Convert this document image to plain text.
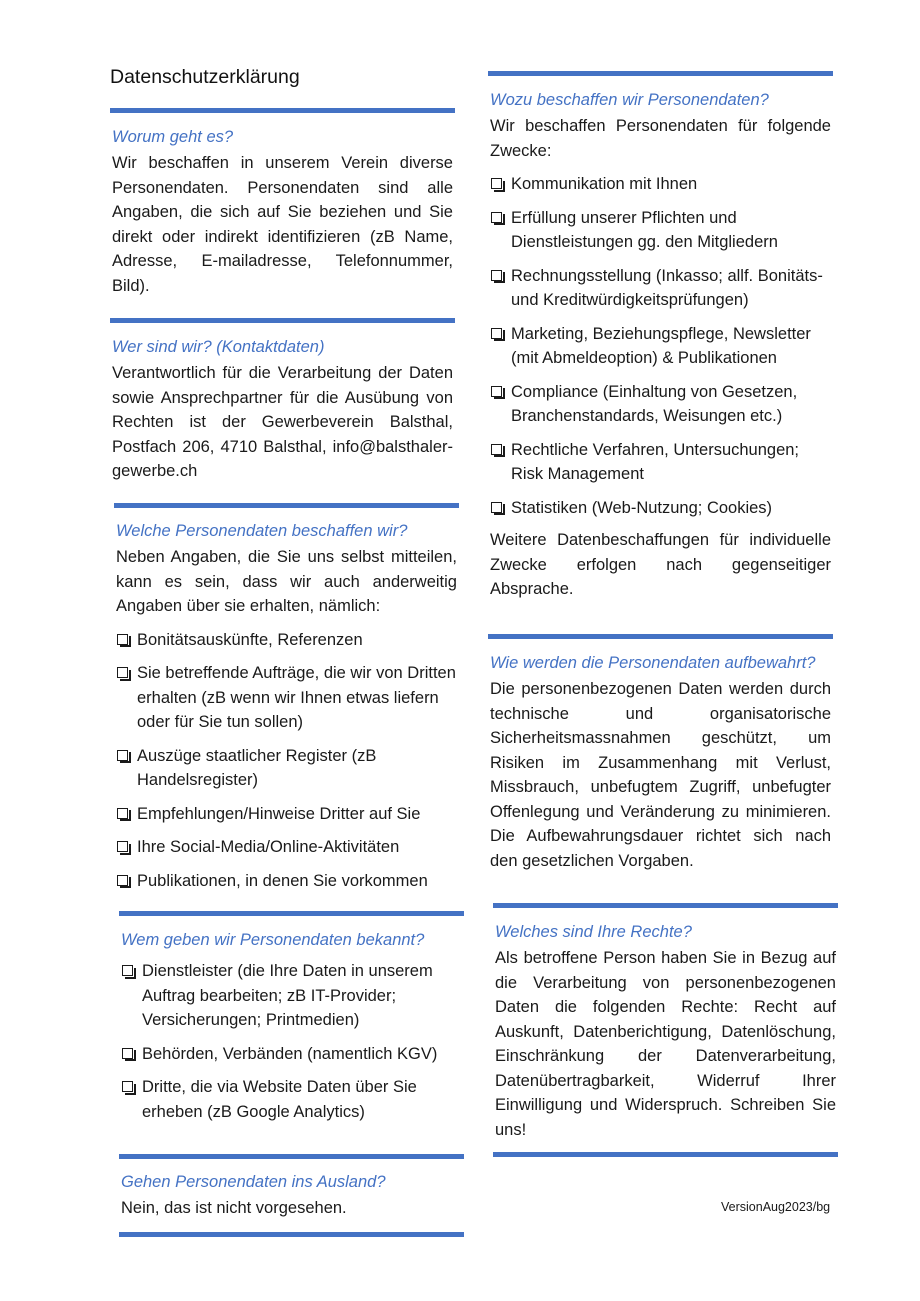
Datenschutzerklärung
Worum geht es?

Wir beschaffen in unserem Verein diverse Personendaten. Personendaten sind alle Angaben, die sich auf Sie beziehen und Sie direkt oder indirekt identifizieren (zB Name, Adresse, E-mailadresse, Telefonnummer, Bild).

Wer sind wir? (Kontaktdaten)

Verantwortlich für die Verarbeitung der Daten sowie Ansprechpartner für die Ausübung von Rechten ist der Gewerbeverein Balsthal, Postfach 206, 4710 Balsthal, info@balsthaler-gewerbe.ch

Welche Personendaten beschaffen wir?

Neben Angaben, die Sie uns selbst mitteilen, kann es sein, dass wir auch anderweitig Angaben über sie erhalten, nämlich:

Bonitätsauskünfte, Referenzen
Sie betreffende Aufträge, die wir von Dritten erhalten (zB wenn wir Ihnen etwas liefern oder für Sie tun sollen)
Auszüge staatlicher Register (zB Handelsregister)
Empfehlungen/Hinweise Dritter auf Sie
Ihre Social-Media/Online-Aktivitäten
Publikationen, in denen Sie vorkommen
Wem geben wir Personendaten bekannt?
Dienstleister (die Ihre Daten in unserem Auftrag bearbeiten; zB IT-Provider; Versicherungen; Printmedien)
Behörden, Verbänden (namentlich KGV)
Dritte, die via Website Daten über Sie erheben (zB Google Analytics)
Gehen Personendaten ins Ausland?

Nein, das ist nicht vorgesehen.

Wozu beschaffen wir Personendaten?

Wir beschaffen Personendaten für folgende Zwecke:

Kommunikation mit Ihnen
Erfüllung unserer Pflichten und Dienstleistungen gg. den Mitgliedern
Rechnungsstellung (Inkasso; allf. Bonitäts- und Kreditwürdigkeitsprüfungen)
Marketing, Beziehungspflege, Newsletter (mit Abmeldeoption) & Publikationen
Compliance (Einhaltung von Gesetzen, Branchenstandards, Weisungen etc.)
Rechtliche Verfahren, Untersuchungen; Risk Management
Statistiken (Web-Nutzung; Cookies)

Weitere Datenbeschaffungen für individuelle Zwecke erfolgen nach gegenseitiger Absprache.

Wie werden die Personendaten aufbewahrt?

Die personenbezogenen Daten werden durch technische und organisatorische Sicherheitsmassnahmen geschützt, um Risiken im Zusammenhang mit Verlust, Missbrauch, unbefugtem Zugriff, unbefugter Offenlegung und Veränderung zu minimieren. Die Aufbewahrungsdauer richtet sich nach den gesetzlichen Vorgaben.

Welches sind Ihre Rechte?

Als betroffene Person haben Sie in Bezug auf die Verarbeitung von personenbezogenen Daten die folgenden Rechte: Recht auf Auskunft, Datenberichtigung, Datenlöschung, Einschränkung der Datenverarbeitung, Datenübertragbarkeit, Widerruf Ihrer Einwilligung und Widerspruch. Schreiben Sie uns!

VersionAug2023/bg
